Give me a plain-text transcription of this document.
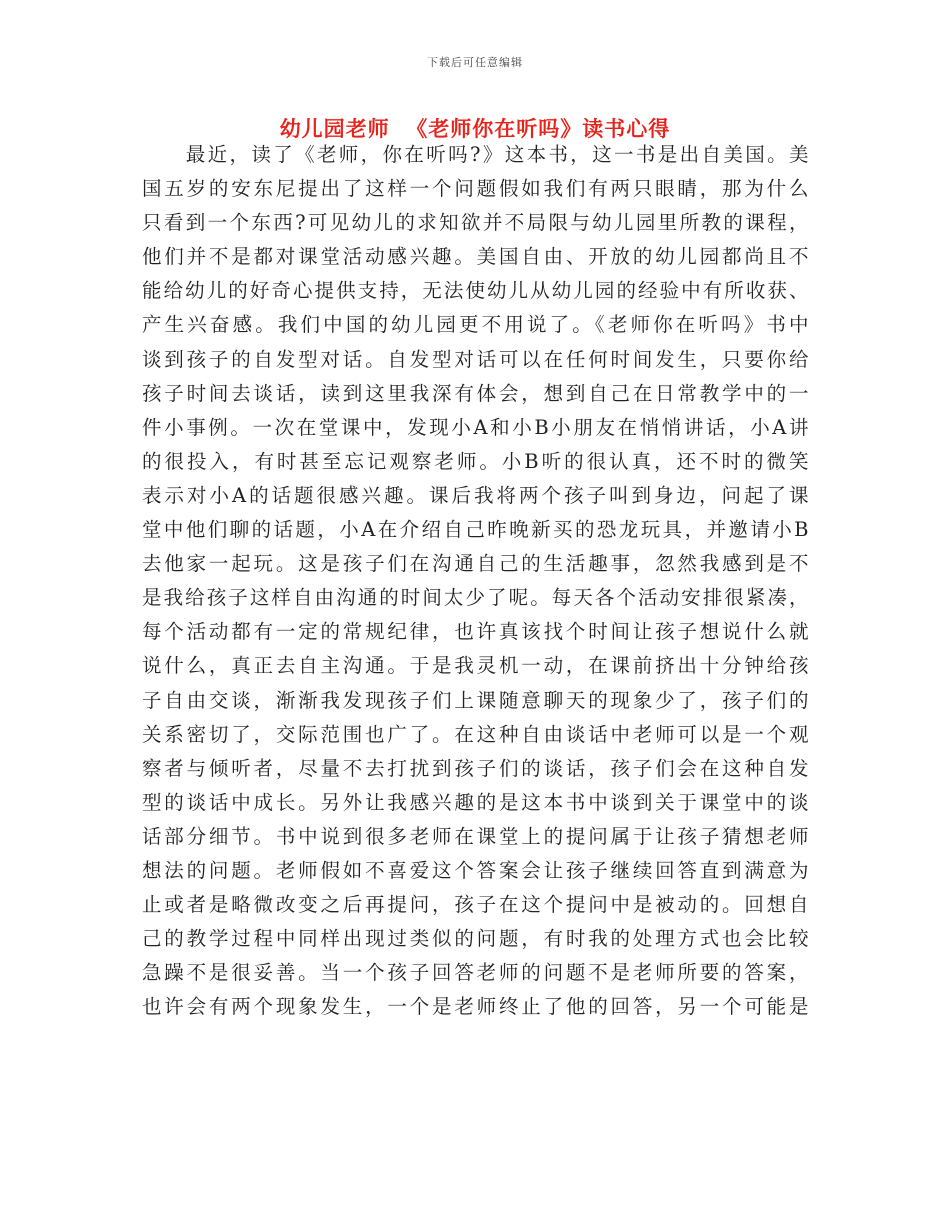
下载后可任意编辑
幼儿园老师  《老师你在听吗》读书心得
　　最近，读了《老师，你在听吗?》这本书，这一书是出自美国。美
国五岁的安东尼提出了这样一个问题假如我们有两只眼睛，那为什么
只看到一个东西?可见幼儿的求知欲并不局限与幼儿园里所教的课程，
他们并不是都对课堂活动感兴趣。美国自由、开放的幼儿园都尚且不
能给幼儿的好奇心提供支持，无法使幼儿从幼儿园的经验中有所收获、
产生兴奋感。我们中国的幼儿园更不用说了。《老师你在听吗》书中
谈到孩子的自发型对话。自发型对话可以在任何时间发生，只要你给
孩子时间去谈话，读到这里我深有体会，想到自己在日常教学中的一
件小事例。一次在堂课中，发现小A和小B小朋友在悄悄讲话，小A讲
的很投入，有时甚至忘记观察老师。小B听的很认真，还不时的微笑
表示对小A的话题很感兴趣。课后我将两个孩子叫到身边，问起了课
堂中他们聊的话题，小A在介绍自己昨晚新买的恐龙玩具，并邀请小B
去他家一起玩。这是孩子们在沟通自己的生活趣事，忽然我感到是不
是我给孩子这样自由沟通的时间太少了呢。每天各个活动安排很紧凑，
每个活动都有一定的常规纪律，也许真该找个时间让孩子想说什么就
说什么，真正去自主沟通。于是我灵机一动，在课前挤出十分钟给孩
子自由交谈，渐渐我发现孩子们上课随意聊天的现象少了，孩子们的
关系密切了，交际范围也广了。在这种自由谈话中老师可以是一个观
察者与倾听者，尽量不去打扰到孩子们的谈话，孩子们会在这种自发
型的谈话中成长。另外让我感兴趣的是这本书中谈到关于课堂中的谈
话部分细节。书中说到很多老师在课堂上的提问属于让孩子猜想老师
想法的问题。老师假如不喜爱这个答案会让孩子继续回答直到满意为
止或者是略微改变之后再提问，孩子在这个提问中是被动的。回想自
己的教学过程中同样出现过类似的问题，有时我的处理方式也会比较
急躁不是很妥善。当一个孩子回答老师的问题不是老师所要的答案，
也许会有两个现象发生，一个是老师终止了他的回答，另一个可能是
